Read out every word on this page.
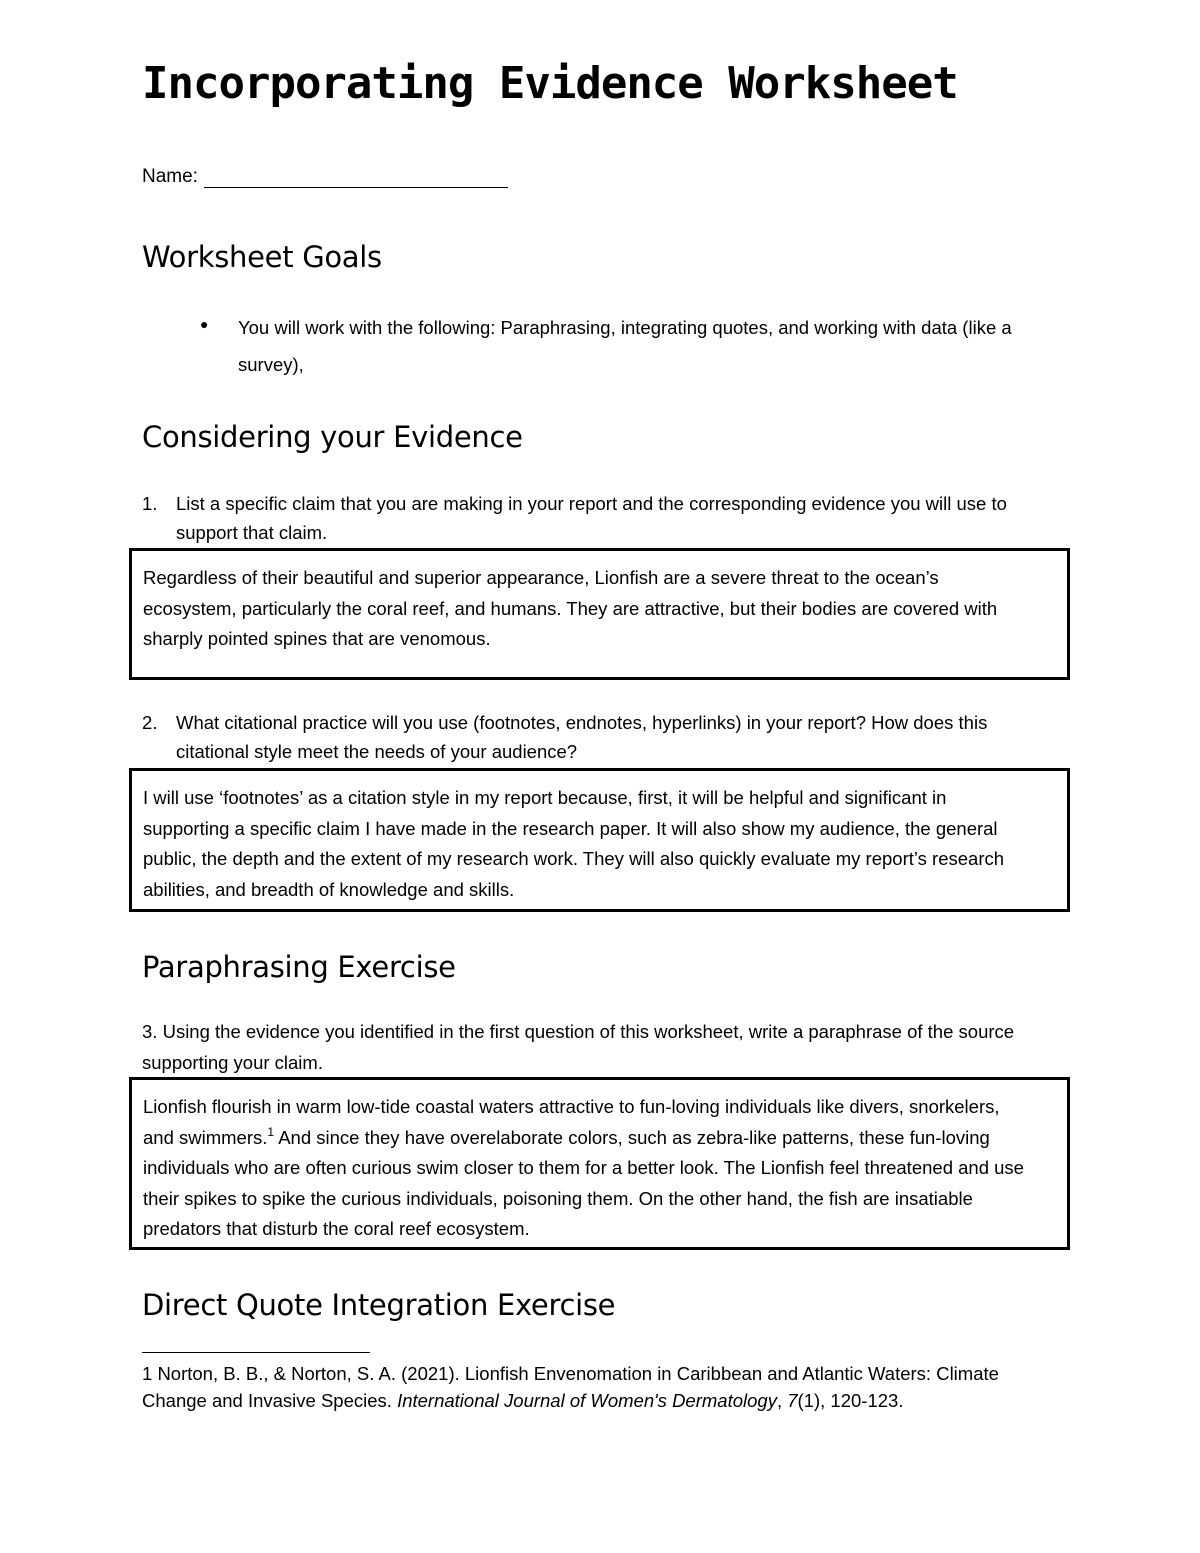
Incorporating Evidence Worksheet
Name:
Worksheet Goals
●	You will work with the following: Paraphrasing, integrating quotes, and working with data (like a survey),
Considering your Evidence
1.	List a specific claim that you are making in your report and the corresponding evidence you will use to support that claim.
Regardless of their beautiful and superior appearance, Lionfish are a severe threat to the ocean’s ecosystem, particularly the coral reef, and humans. They are attractive, but their bodies are covered with sharply pointed spines that are venomous.
2.	What citational practice will you use (footnotes, endnotes, hyperlinks) in your report? How does this citational style meet the needs of your audience?
I will use ‘footnotes’ as a citation style in my report because, first, it will be helpful and significant in supporting a specific claim I have made in the research paper. It will also show my audience, the general public, the depth and the extent of my research work. They will also quickly evaluate my report’s research abilities, and breadth of knowledge and skills.
Paraphrasing Exercise
3. Using the evidence you identified in the first question of this worksheet, write a paraphrase of the source supporting your claim.
Lionfish flourish in warm low-tide coastal waters attractive to fun-loving individuals like divers, snorkelers, and swimmers.$^1$ And since they have overelaborate colors, such as zebra-like patterns, these fun-loving individuals who are often curious swim closer to them for a better look. The Lionfish feel threatened and use their spikes to spike the curious individuals, poisoning them. On the other hand, the fish are insatiable predators that disturb the coral reef ecosystem.
Direct Quote Integration Exercise
1 Norton, B. B., & Norton, S. A. (2021). Lionfish Envenomation in Caribbean and Atlantic Waters: Climate Change and Invasive Species. International Journal of Women's Dermatology, 7(1), 120-123.
